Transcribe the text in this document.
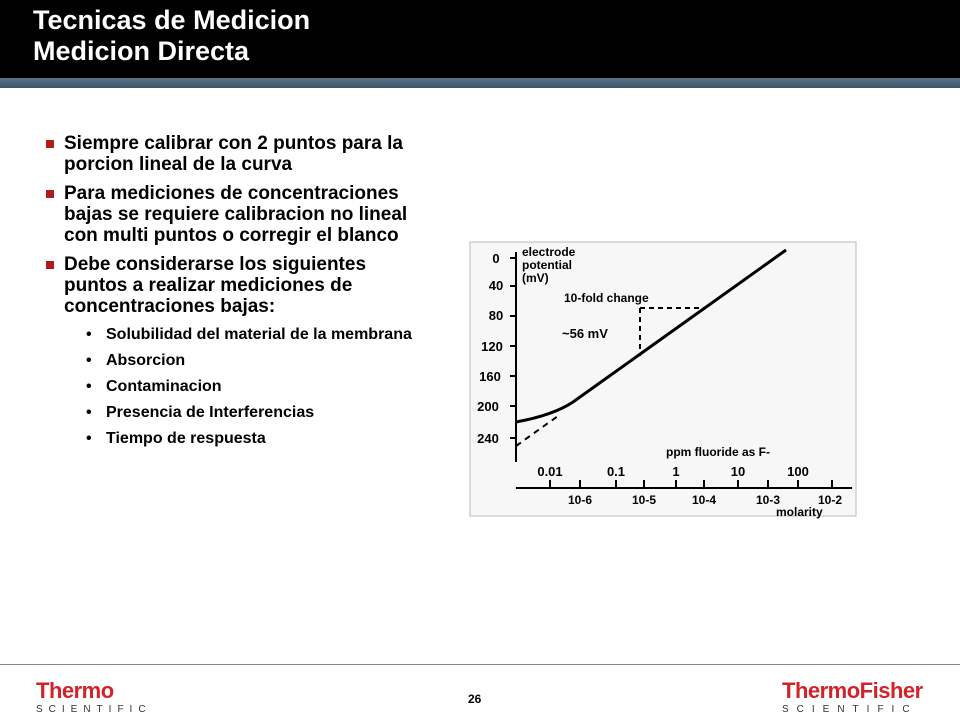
Tecnicas de Medicion
Medicion Directa
Siempre calibrar con 2 puntos para la porcion lineal de la curva
Para mediciones de concentraciones bajas se requiere calibracion no lineal con multi puntos o corregir el blanco
Debe considerarse los siguientes puntos a realizar mediciones de concentraciones bajas:
• Solubilidad del material de la membrana
• Absorcion
• Contaminacion
• Presencia de Interferencias
• Tiempo de respuesta
0
40
80
120
160
200
240
electrode potential (mV)
10-fold change
~56 mV
ppm fluoride as F-
0.01	0.1	1	10	100
10-6	10-5	10-4	10-3	10-2
molarity
Thermo
SCIENTIFIC
26	ThermoFisher
SCIENTIFIC
